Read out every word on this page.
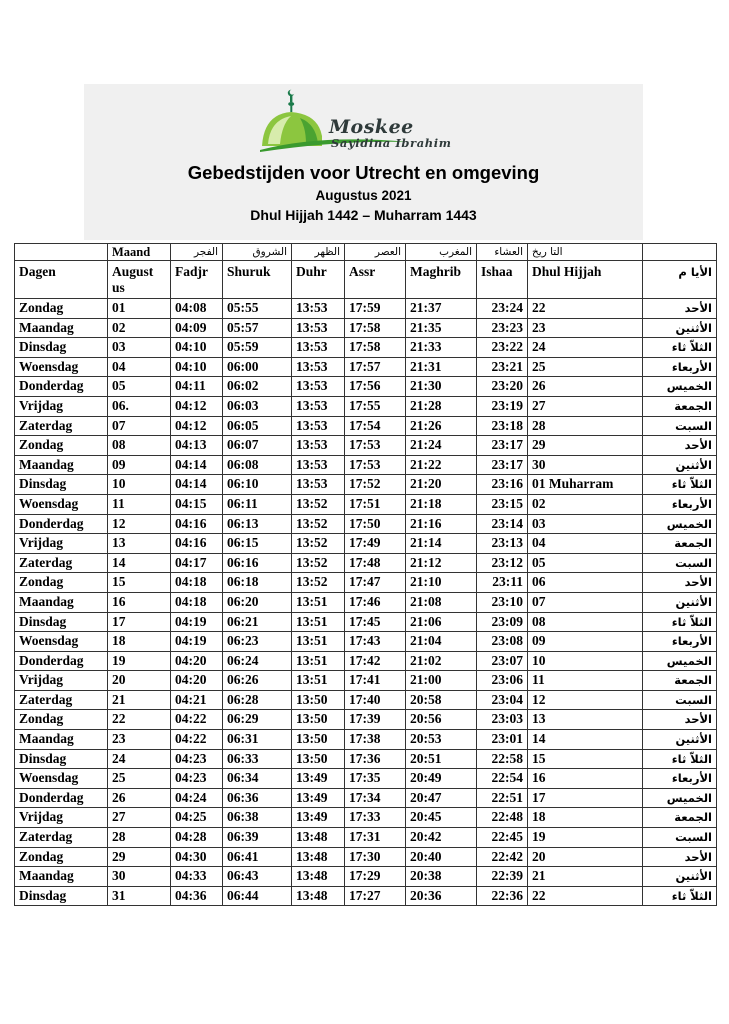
Moskee
Sayidina Ibrahim
Gebedstijden voor Utrecht en omgeving
Augustus 2021
Dhul Hijjah 1442 – Muharram 1443
	Maand	الفجر	الشروق	الظهر	العصر	المغرب	العشاء	التا ريخ	
Dagen	August us	Fadjr	Shuruk	Duhr	Assr	Maghrib	Ishaa	Dhul Hijjah	الأيا م
Zondag	01	04:08	05:55	13:53	17:59	21:37	23:24	22	الأحد
Maandag	02	04:09	05:57	13:53	17:58	21:35	23:23	23	الأثنين
Dinsdag	03	04:10	05:59	13:53	17:58	21:33	23:22	24	الثلاّ ثاء
Woensdag	04	04:10	06:00	13:53	17:57	21:31	23:21	25	الأربعاء
Donderdag	05	04:11	06:02	13:53	17:56	21:30	23:20	26	الخميس
Vrijdag	06.	04:12	06:03	13:53	17:55	21:28	23:19	27	الجمعة
Zaterdag	07	04:12	06:05	13:53	17:54	21:26	23:18	28	السبت
Zondag	08	04:13	06:07	13:53	17:53	21:24	23:17	29	الأحد
Maandag	09	04:14	06:08	13:53	17:53	21:22	23:17	30	الأثنين
Dinsdag	10	04:14	06:10	13:53	17:52	21:20	23:16	01 Muharram	الثلاّ ثاء
Woensdag	11	04:15	06:11	13:52	17:51	21:18	23:15	02	الأربعاء
Donderdag	12	04:16	06:13	13:52	17:50	21:16	23:14	03	الخميس
Vrijdag	13	04:16	06:15	13:52	17:49	21:14	23:13	04	الجمعة
Zaterdag	14	04:17	06:16	13:52	17:48	21:12	23:12	05	السبت
Zondag	15	04:18	06:18	13:52	17:47	21:10	23:11	06	الأحد
Maandag	16	04:18	06:20	13:51	17:46	21:08	23:10	07	الأثنين
Dinsdag	17	04:19	06:21	13:51	17:45	21:06	23:09	08	الثلاّ ثاء
Woensdag	18	04:19	06:23	13:51	17:43	21:04	23:08	09	الأربعاء
Donderdag	19	04:20	06:24	13:51	17:42	21:02	23:07	10	الخميس
Vrijdag	20	04:20	06:26	13:51	17:41	21:00	23:06	11	الجمعة
Zaterdag	21	04:21	06:28	13:50	17:40	20:58	23:04	12	السبت
Zondag	22	04:22	06:29	13:50	17:39	20:56	23:03	13	الأحد
Maandag	23	04:22	06:31	13:50	17:38	20:53	23:01	14	الأثنين
Dinsdag	24	04:23	06:33	13:50	17:36	20:51	22:58	15	الثلاّ ثاء
Woensdag	25	04:23	06:34	13:49	17:35	20:49	22:54	16	الأربعاء
Donderdag	26	04:24	06:36	13:49	17:34	20:47	22:51	17	الخميس
Vrijdag	27	04:25	06:38	13:49	17:33	20:45	22:48	18	الجمعة
Zaterdag	28	04:28	06:39	13:48	17:31	20:42	22:45	19	السبت
Zondag	29	04:30	06:41	13:48	17:30	20:40	22:42	20	الأحد
Maandag	30	04:33	06:43	13:48	17:29	20:38	22:39	21	الأثنين
Dinsdag	31	04:36	06:44	13:48	17:27	20:36	22:36	22	الثلاّ ثاء
